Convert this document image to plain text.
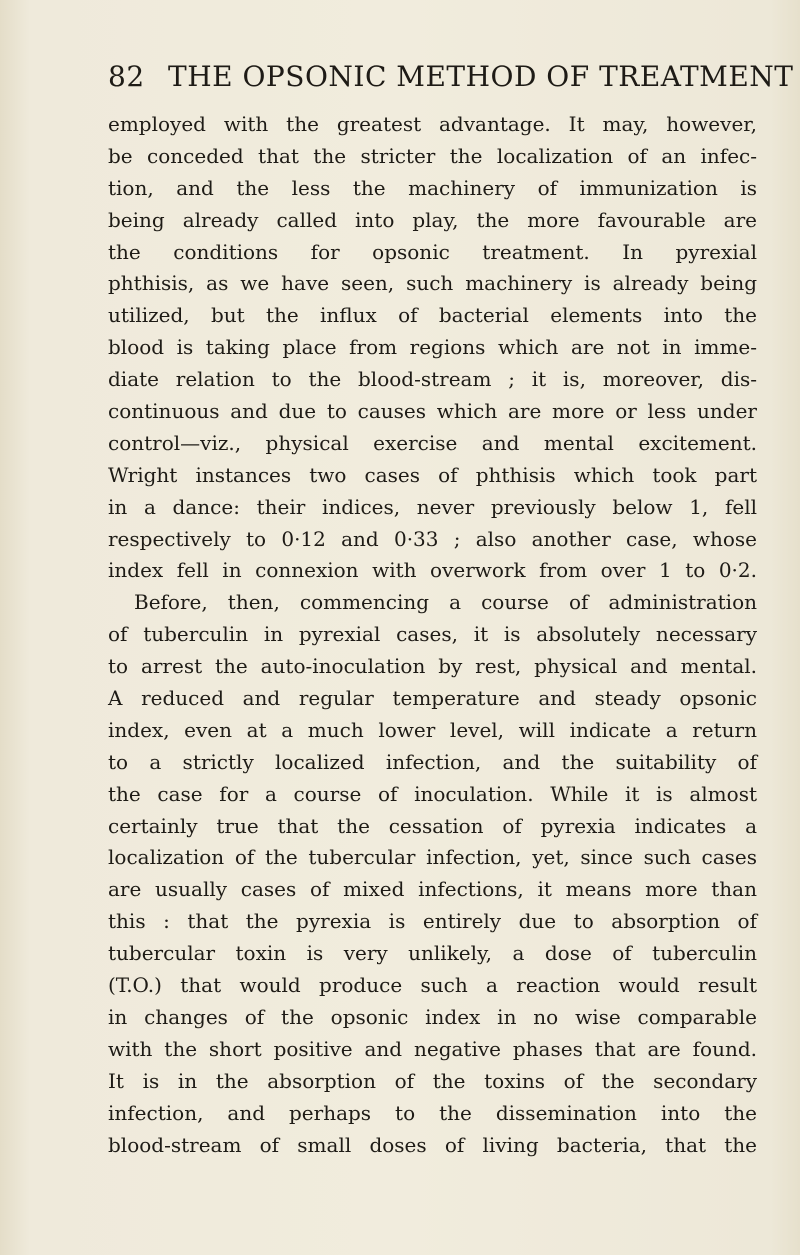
82 THE OPSONIC METHOD OF TREATMENT

employed with the greatest advantage. It may, however,
be conceded that the stricter the localization of an infec-
tion, and the less the machinery of immunization is
being already called into play, the more favourable are
the conditions for opsonic treatment. In pyrexial
phthisis, as we have seen, such machinery is already being
utilized, but the influx of bacterial elements into the
blood is taking place from regions which are not in imme-
diate relation to the blood-stream ; it is, moreover, dis-
continuous and due to causes which are more or less under
control—viz., physical exercise and mental excitement.
Wright instances two cases of phthisis which took part
in a dance: their indices, never previously below 1, fell
respectively to 0·12 and 0·33 ; also another case, whose
index fell in connexion with overwork from over 1 to 0·2.

Before, then, commencing a course of administration
of tuberculin in pyrexial cases, it is absolutely necessary
to arrest the auto-inoculation by rest, physical and mental.
A reduced and regular temperature and steady opsonic
index, even at a much lower level, will indicate a return
to a strictly localized infection, and the suitability of
the case for a course of inoculation. While it is almost
certainly true that the cessation of pyrexia indicates a
localization of the tubercular infection, yet, since such cases
are usually cases of mixed infections, it means more than
this : that the pyrexia is entirely due to absorption of
tubercular toxin is very unlikely, a dose of tuberculin
(T.O.) that would produce such a reaction would result
in changes of the opsonic index in no wise comparable
with the short positive and negative phases that are found.
It is in the absorption of the toxins of the secondary
infection, and perhaps to the dissemination into the
blood-stream of small doses of living bacteria, that the
